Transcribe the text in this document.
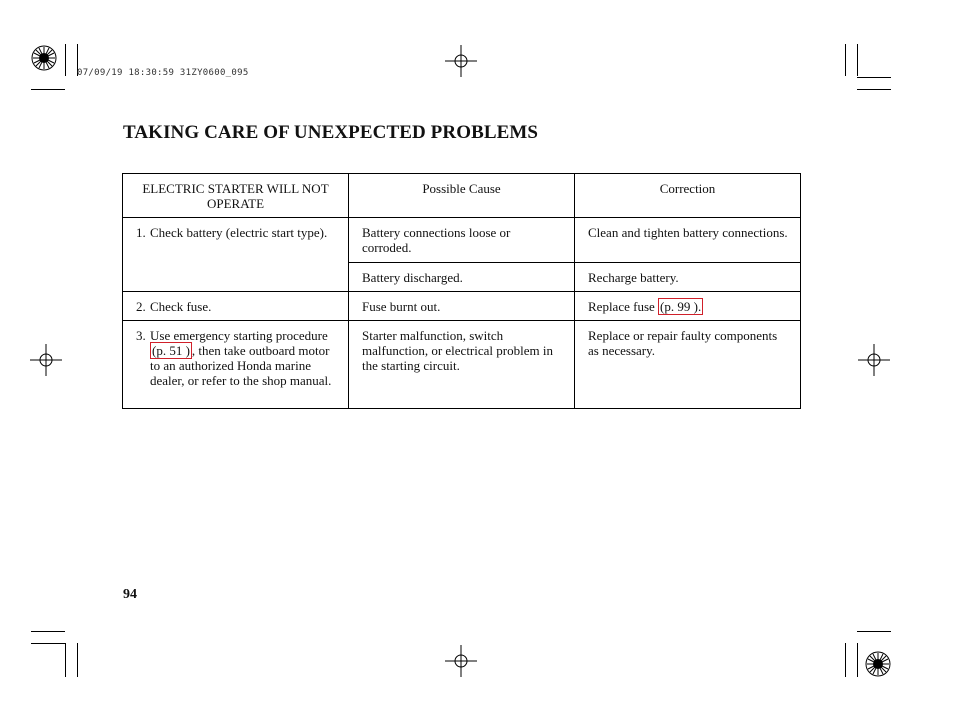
07/09/19 18:30:59 31ZY0600_095
TAKING CARE OF UNEXPECTED PROBLEMS
ELECTRIC STARTER WILL NOT OPERATE	Possible Cause	Correction

1. Check battery (electric start type).	Battery connections loose or corroded.	Clean and tighten battery connections.

	Battery discharged.	Recharge battery.

2. Check fuse.	Fuse burnt out.	Replace fuse (p. 99 ).

3. Use emergency starting procedure (p. 51 ) , then take outboard motor to an authorized Honda marine dealer, or refer to the shop manual.	Starter malfunction, switch malfunction, or electrical problem in the starting circuit.	Replace or repair faulty components as necessary.
94
